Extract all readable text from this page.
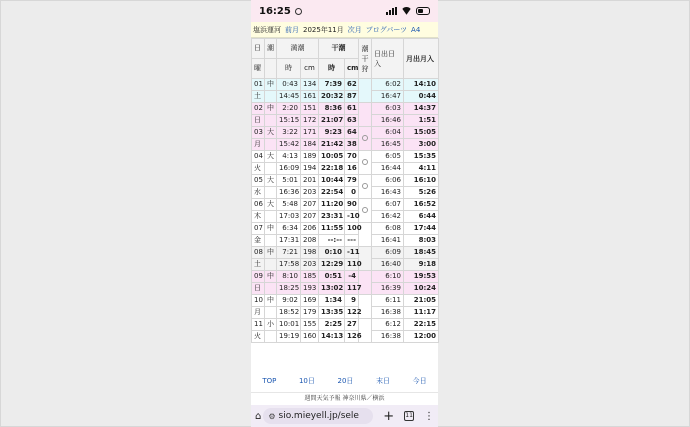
16:25
塩浜運河 前月 2025年11月 次月 ブログパーツ A4
日	潮	満潮		干潮		潮干狩	日出日入	月出月入
曜		時	cm	時	cm			
01	中	0:43	134	7:39	62		6:02	14:10
土		14:45	161	20:32	87		16:47	0:44
02	中	2:20	151	8:36	61		6:03	14:37
日		15:15	172	21:07	63		16:46	1:51
03	大	3:22	171	9:23	64		6:04	15:05
月		15:42	184	21:42	38		16:45	3:00
04	大	4:13	189	10:05	70		6:05	15:35
火		16:09	194	22:18	16		16:44	4:11
05	大	5:01	201	10:44	79		6:06	16:10
水		16:36	203	22:54	0		16:43	5:26
06	大	5:48	207	11:20	90		6:07	16:52
木		17:03	207	23:31	-10		16:42	6:44
07	中	6:34	206	11:55	100		6:08	17:44
金		17:31	208	--:--	---		16:41	8:03
08	中	7:21	198	0:10	-11		6:09	18:45
土		17:58	203	12:29	110		16:40	9:18
09	中	8:10	185	0:51	-4		6:10	19:53
日		18:25	193	13:02	117		16:39	10:24
10	中	9:02	169	1:34	9		6:11	21:05
月		18:52	179	13:35	122		16:38	11:17
11	小	10:01	155	2:25	27		6:12	22:15
火		19:19	160	14:13	126		16:38	12:00
TOP	10日	20日	末日	今日
週間天気予報 神奈川県／横浜
⌂ ⚙ sio.mieyell.jp/sele + 11 ⋮
